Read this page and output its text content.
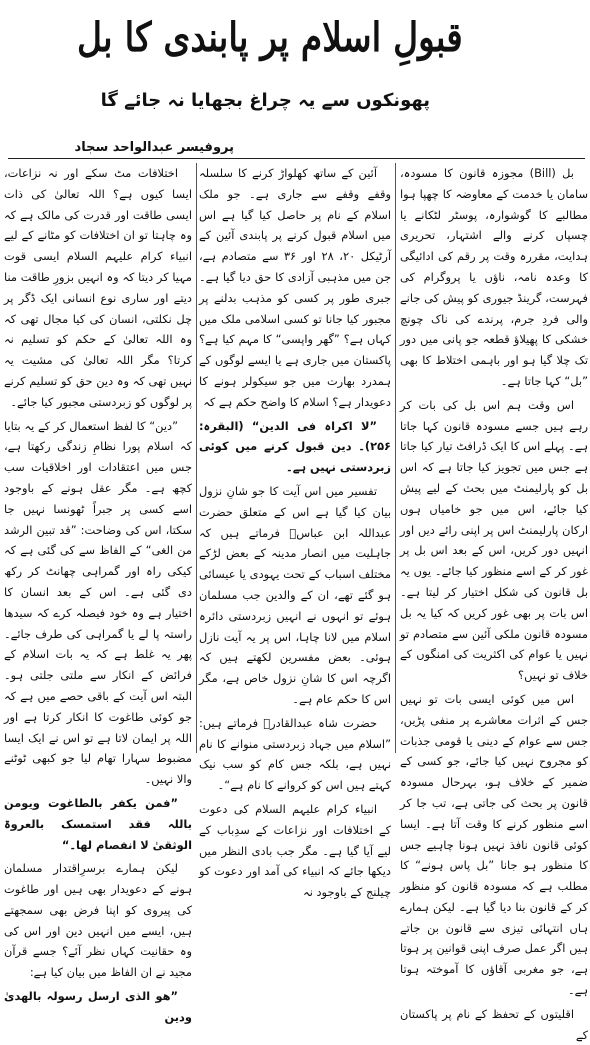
قبولِ اسلام پر پابندی کا بل
پھونکوں سے یہ چراغ بجھایا نہ جائے گا
پروفیسر عبدالواحد سجاد

بل (Bill) مجوزہ قانون کا مسودہ، سامان یا خدمت کے معاوضہ کا چھپا ہوا مطالبے کا گوشوارہ، پوسٹر لٹکانے یا چسپاں کرنے والے اشتہار، تحریری ہدایت، مقررہ وقت پر رقم کی ادائیگی کا وعدہ نامہ، ناؤں یا پروگرام کی فہرست، گرینڈ جیوری کو پیش کی جانے والی فردِ جرم، پرندے کی ناک چونچ خشکی کا پھیلاؤ قطعہ جو پانی میں دور تک چلا گیا ہو اور باہمی اختلاط کا بھی ”بل“ کہا جاتا ہے۔

اس وقت ہم اس بل کی بات کر رہے ہیں جسے مسودہ قانون کہا جاتا ہے۔ پہلے اس کا ایک ڈرافٹ تیار کیا جاتا ہے جس میں تجویز کیا جاتا ہے کہ اس بل کو پارلیمنٹ میں بحث کے لیے پیش کیا جائے، اس میں جو خامیاں ہوں ارکان پارلیمنٹ اس پر اپنی رائے دیں اور انہیں دور کریں، اس کے بعد اس بل پر غور کر کے اسے منظور کیا جائے۔ یوں یہ بل قانون کی شکل اختیار کر لیتا ہے۔ اس بات پر بھی غور کریں کہ کیا یہ بل مسودہ قانون ملکی آئین سے متصادم تو نہیں یا عوام کی اکثریت کی امنگوں کے خلاف تو نہیں؟

اس میں کوئی ایسی بات تو نہیں جس کے اثرات معاشرے پر منفی پڑیں، جس سے عوام کے دینی یا قومی جذبات کو مجروح نہیں کیا جائے، جو کسی کے ضمیر کے خلاف ہو، بہرحال مسودہ قانون پر بحث کی جاتی ہے، تب جا کر اسے منظور کرنے کا وقت آتا ہے۔ ایسا کوئی قانون نافذ نہیں ہونا چاہیے جس کا منظور ہو جانا ”بل پاس ہونے“ کا مطلب ہے کہ مسودہ قانون کو منظور کر کے قانون بنا دیا گیا ہے۔ لیکن ہمارے ہاں انتہائی تیزی سے قانون بن جاتے ہیں اگر عمل صرف اپنی قوانین پر ہوتا ہے، جو مغربی آقاؤں کا آموختہ ہوتا ہے۔

اقلیتوں کے تحفظ کے نام پر پاکستان کے

آئین کے ساتھ کھلواڑ کرنے کا سلسلہ وقفے وقفے سے جاری ہے۔ جو ملک اسلام کے نام پر حاصل کیا گیا ہے اس میں اسلام قبول کرنے پر پابندی آئین کے آرٹیکل ۲۰، ۲۸ اور ۳۶ سے متصادم ہے، جن میں مذہبی آزادی کا حق دیا گیا ہے۔ جبری طور پر کسی کو مذہب بدلنے پر مجبور کیا جانا تو کسی اسلامی ملک میں کہاں ہے؟ ”گھر واپسی“ کا مہم کیا ہے؟ پاکستان میں جاری ہے یا ایسے لوگوں کے ہمدرد بھارت میں جو سیکولر ہونے کا دعویدار ہے؟ اسلام کا واضح حکم ہے کہ

”لا اکراہ فی الدین“ (البقرہ: ۲۵۶)۔ دین قبول کرنے میں کوئی زبردستی نہیں ہے۔

تفسیر میں اس آیت کا جو شانِ نزول بیان کیا گیا ہے اس کے متعلق حضرت عبداللہ ابن عباسؓ فرماتے ہیں کہ جاہلیت میں انصار مدینہ کے بعض لڑکے مختلف اسباب کے تحت یہودی یا عیسائی ہو گئے تھے، ان کے والدین جب مسلمان ہوئے تو انہوں نے انہیں زبردستی دائرہ اسلام میں لانا چاہا، اس پر یہ آیت نازل ہوئی۔ بعض مفسرین لکھتے ہیں کہ اگرچہ اس کا شانِ نزول خاص ہے، مگر اس کا حکم عام ہے۔

حضرت شاہ عبدالقادرؒ فرماتے ہیں: ”اسلام میں جہاد زبردستی منوانے کا نام نہیں ہے، بلکہ جس کام کو سب نیک کہتے ہیں اس کو کروانے کا نام ہے“۔

انبیاء کرام علیہم السلام کی دعوت کے اختلافات اور نزاعات کے سدِباب کے لیے آیا گیا ہے۔ مگر جب بادی النظر میں دیکھا جائے کہ انبیاء کی آمد اور دعوت کو چیلنج کے باوجود نہ

اختلافات مٹ سکے اور نہ نزاعات، ایسا کیوں ہے؟ اللہ تعالیٰ کی ذات ایسی طاقت اور قدرت کی مالک ہے کہ وہ چاہتا تو ان اختلافات کو مٹانے کے لیے انبیاء کرام علیہم السلام ایسی قوت مہیا کر دیتا کہ وہ انہیں بزورِ طاقت منا دیتے اور ساری نوع انسانی ایک ڈگر پر چل نکلتی، انسان کی کیا مجال تھی کہ وہ اللہ تعالیٰ کے حکم کو تسلیم نہ کرتا؟ مگر اللہ تعالیٰ کی مشیت یہ نہیں تھی کہ وہ دین حق کو تسلیم کرنے پر لوگوں کو زبردستی مجبور کیا جائے۔

”دین“ کا لفظ استعمال کر کے یہ بتایا کہ اسلام پورا نظامِ زندگی رکھتا ہے، جس میں اعتقادات اور اخلاقیات سب کچھ ہے۔ مگر عقل ہونے کے باوجود اسے کسی پر جبراً ٹھونسا نہیں جا سکتا، اس کی وضاحت: ”قد تبین الرشد من الغی“ کے الفاظ سے کی گئی ہے کہ کیکی راہ اور گمراہی چھانٹ کر رکھ دی گئی ہے۔ اس کے بعد انسان کا اختیار ہے وہ خود فیصلہ کرے کہ سیدھا راستہ پا لے یا گمراہی کی طرف جائے۔ پھر یہ غلط ہے کہ یہ بات اسلام کے فرائض کے انکار سے ملتی جلتی ہو۔ البتہ اس آیت کے باقی حصے میں ہے کہ جو کوئی طاغوت کا انکار کرتا ہے اور اللہ پر ایمان لاتا ہے تو اس نے ایک ایسا مضبوط سہارا تھام لیا جو کبھی ٹوٹنے والا نہیں۔

”فمن یکفر بالطاغوت ویومن باللہ فقد استمسک بالعروۃ الوثقیٰ لا انفصام لھا۔“

لیکن ہمارے برسرِاقتدار مسلمان ہونے کے دعویدار بھی ہیں اور طاغوت کی پیروی کو اپنا فرض بھی سمجھتے ہیں، ایسے میں انہیں دین اور اس کی وہ حقانیت کہاں نظر آئے؟ جسے قرآن مجید نے ان الفاظ میں بیان کیا ہے:

”ھو الذی ارسل رسولہ بالھدیٰ ودین
